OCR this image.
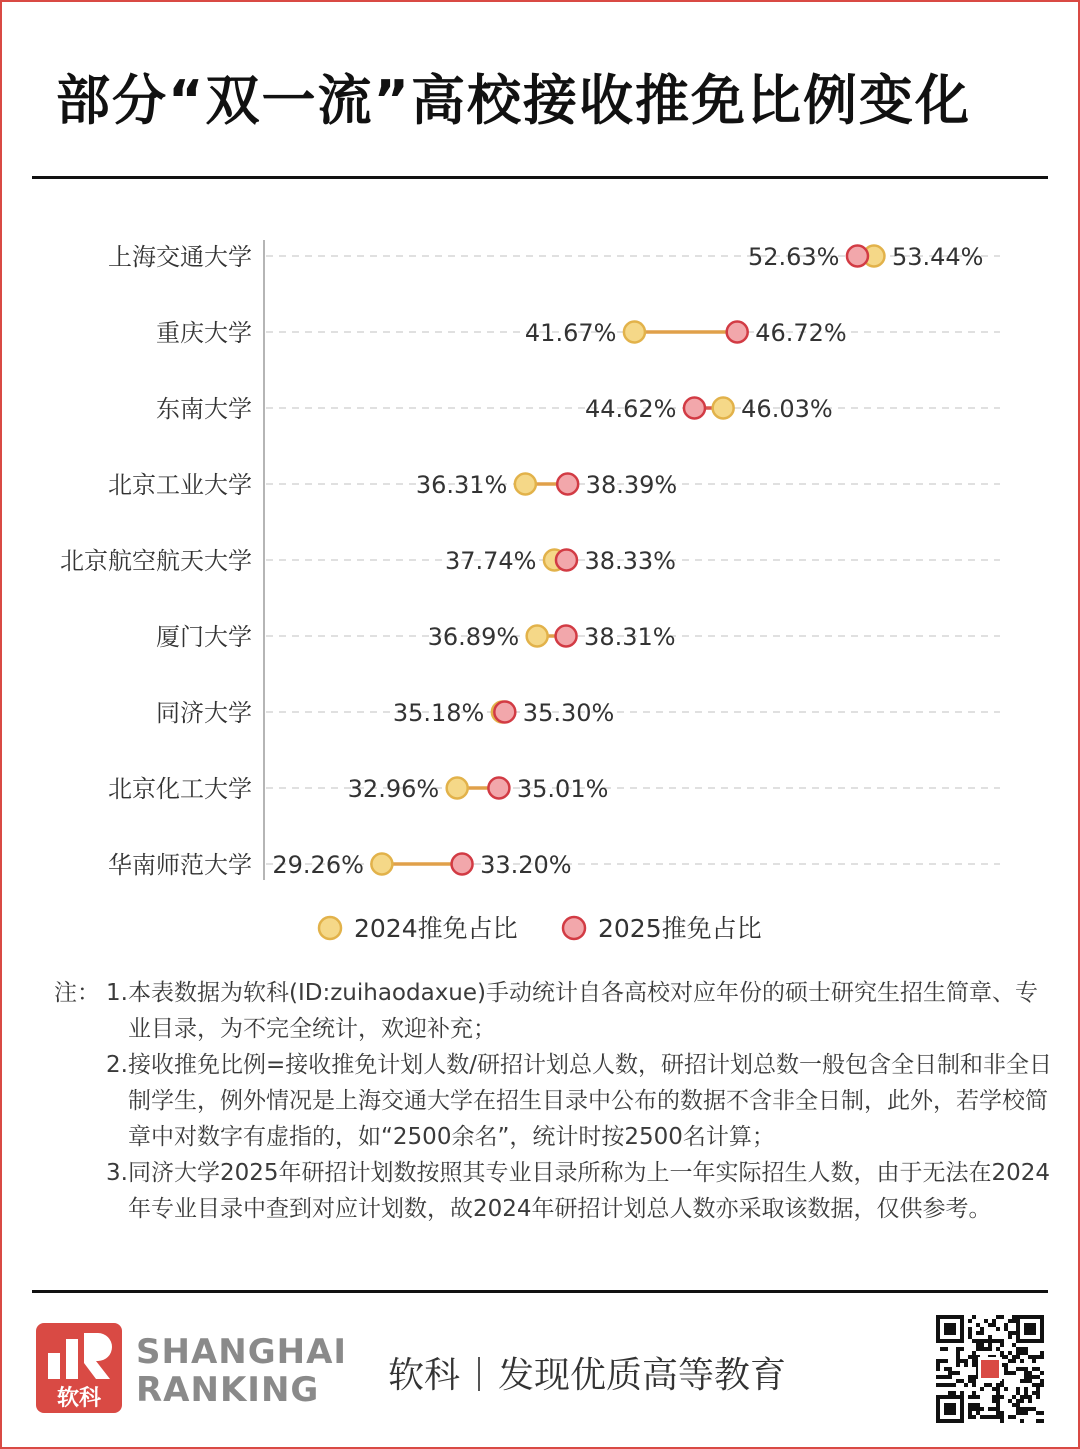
部分“双一流”高校接收推免比例变化
上海交通大学	52.63% 53.44%
重庆大学	41.67%	46.72%
东南大学	44.62%	46.03%
北京工业大学	36.31%	38.39%
北京航空航天大学	37.74% 38.33%
厦门大学	36.89%	38.31%
同济大学	35.18% 35.30%
北京化工大学	32.96%	35.01%
华南师范大学 29.26%	33.20%
2024推免占比	2025推免占比
注： 1. 本表数据为软科(ID:zuihaodaxue)手动统计自各高校对应年份的硕士研究生招生简章、专业目录，为不完全统计，欢迎补充；
2. 接收推免比例=接收推免计划人数/研招计划总人数，研招计划总数一般包含全日制和非全日制学生，例外情况是上海交通大学在招生目录中公布的数据不含非全日制，此外，若学校简章中对数字有虚指的，如“2500余名”，统计时按2500名计算；
3. 同济大学2025年研招计划数按照其专业目录所称为上一年实际招生人数，由于无法在2024年专业目录中查到对应计划数，故2024年研招计划总人数亦采取该数据，仅供参考。
软科
SHANGHAI
RANKING	软科 发现优质高等教育
